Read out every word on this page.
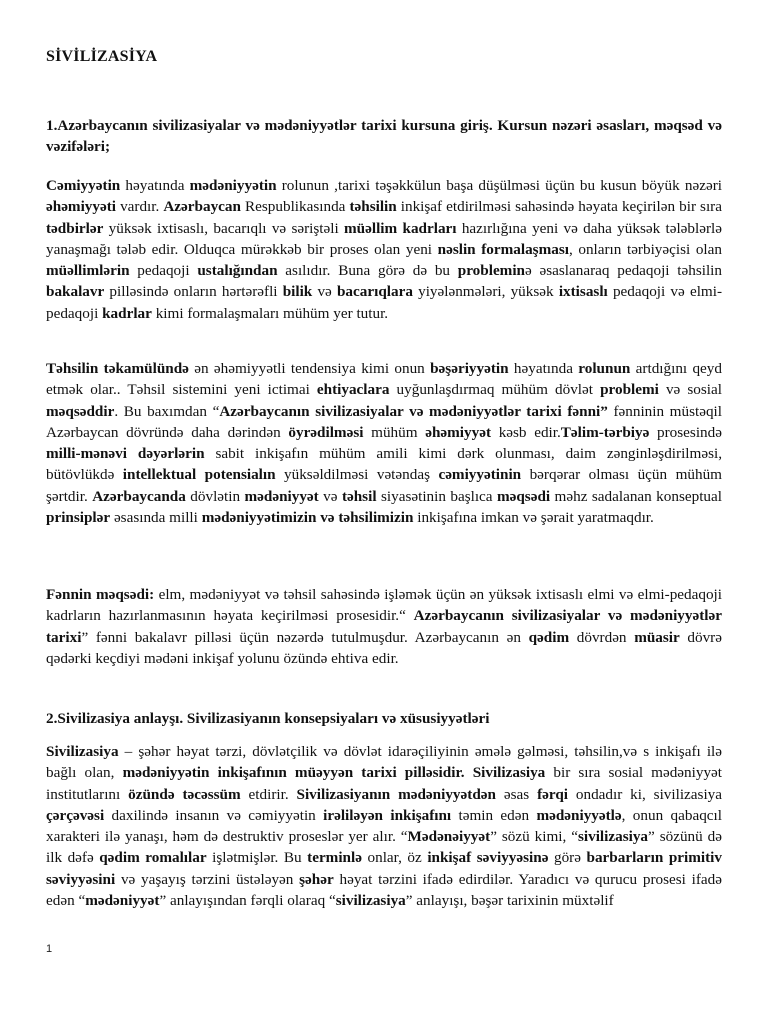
SİVİLİZASİYA
1.Azərbaycanın sivilizasiyalar və mədəniyyətlər tarixi kursuna giriş. Kursun nəzəri əsasları, məqsəd və vəzifələri;
Cəmiyyətin həyatında mədəniyyətin rolunun ,tarixi təşəkkülun başa düşülməsi üçün bu kusun böyük nəzəri əhəmiyyəti vardır. Azərbaycan Respublikasında təhsilin inkişaf etdirilməsi sahəsində həyata keçirilən bir sıra tədbirlər yüksək ixtisaslı, bacarıqlı və səriştəli müəllim kadrları hazırlığına yeni və daha yüksək tələblərlə yanaşmağı tələb edir. Olduqca mürəkkəb bir proses olan yeni nəslin formalaşması, onların tərbiyəçisi olan müəllimlərin pedaqoji ustalığından asılıdır. Buna görə də bu probleminə əsaslanaraq pedaqoji təhsilin bakalavr pilləsində onların hərtərəfli bilik və bacarıqlara yiyələnmələri, yüksək ixtisaslı pedaqoji və elmi-pedaqoji kadrlar kimi formalaşmaları mühüm yer tutur.
Təhsilin təkamülündə ən əhəmiyyətli tendensiya kimi onun bəşəriyyətin həyatında rolunun artdığını qeyd etmək olar.. Təhsil sistemini yeni ictimai ehtiyaclara uyğunlaşdırmaq mühüm dövlət problemi və sosial məqsəddir. Bu baxımdan “Azərbaycanın sivilizasiyalar və mədəniyyətlər tarixi fənni” fənninin müstəqil Azərbaycan dövründə daha dərindən öyrədilməsi mühüm əhəmiyyət kəsb edir.Təlim-tərbiyə prosesində milli-mənəvi dəyərlərin sabit inkişafın mühüm amili kimi dərk olunması, daim zənginləşdirilməsi, bütövlükdə intellektual potensialın yüksəldilməsi vətəndaş cəmiyyətinin bərqərar olması üçün mühüm şərtdir. Azərbaycanda dövlətin mədəniyyət və təhsil siyasətinin başlıca məqsədi məhz sadalanan konseptual prinsiplər əsasında milli mədəniyyətimizin və təhsilimizin inkişafına imkan və şərait yaratmaqdır.
Fənnin məqsədi: elm, mədəniyyət və təhsil sahəsində işləmək üçün ən yüksək ixtisaslı elmi və elmi-pedaqoji kadrların hazırlanmasının həyata keçirilməsi prosesidir.“ Azərbaycanın sivilizasiyalar və mədəniyyətlər tarixi” fənni bakalavr pilləsi üçün nəzərdə tutulmuşdur. Azərbaycanın ən qədim dövrdən müasir dövrə qədərki keçdiyi mədəni inkişaf yolunu özündə ehtiva edir.
2.Sivilizasiya anlayşı. Sivilizasiyanın konsepsiyaları və xüsusiyyətləri
Sivilizasiya – şəhər həyat tərzi, dövlətçilik və dövlət idarəçiliyinin əmələ gəlməsi, təhsilin,və s inkişafı ilə bağlı olan, mədəniyyətin inkişafının müəyyən tarixi pilləsidir. Sivilizasiya bir sıra sosial mədəniyyət institutlarını özündə təcəssüm etdirir. Sivilizasiyanın mədəniyyətdən əsas fərqi ondadır ki, sivilizasiya çərçəvəsi daxilində insanın və cəmiyyətin irəliləyən inkişafını təmin edən mədəniyyətlə, onun qabaqcıl xarakteri ilə yanaşı, həm də destruktiv proseslər yer alır. “Mədənəiyyət” sözü kimi, “sivilizasiya” sözünü də ilk dəfə qədim romalılar işlətmişlər. Bu terminlə onlar, öz inkişaf səviyyəsinə görə barbarların primitiv səviyyəsini və yaşayış tərzini üstələyən şəhər həyat tərzini ifadə edirdilər. Yaradıcı və qurucu prosesi ifadə edən “mədəniyyət” anlayışından fərqli olaraq “sivilizasiya” anlayışı, bəşər tarixinin müxtəlif
1
